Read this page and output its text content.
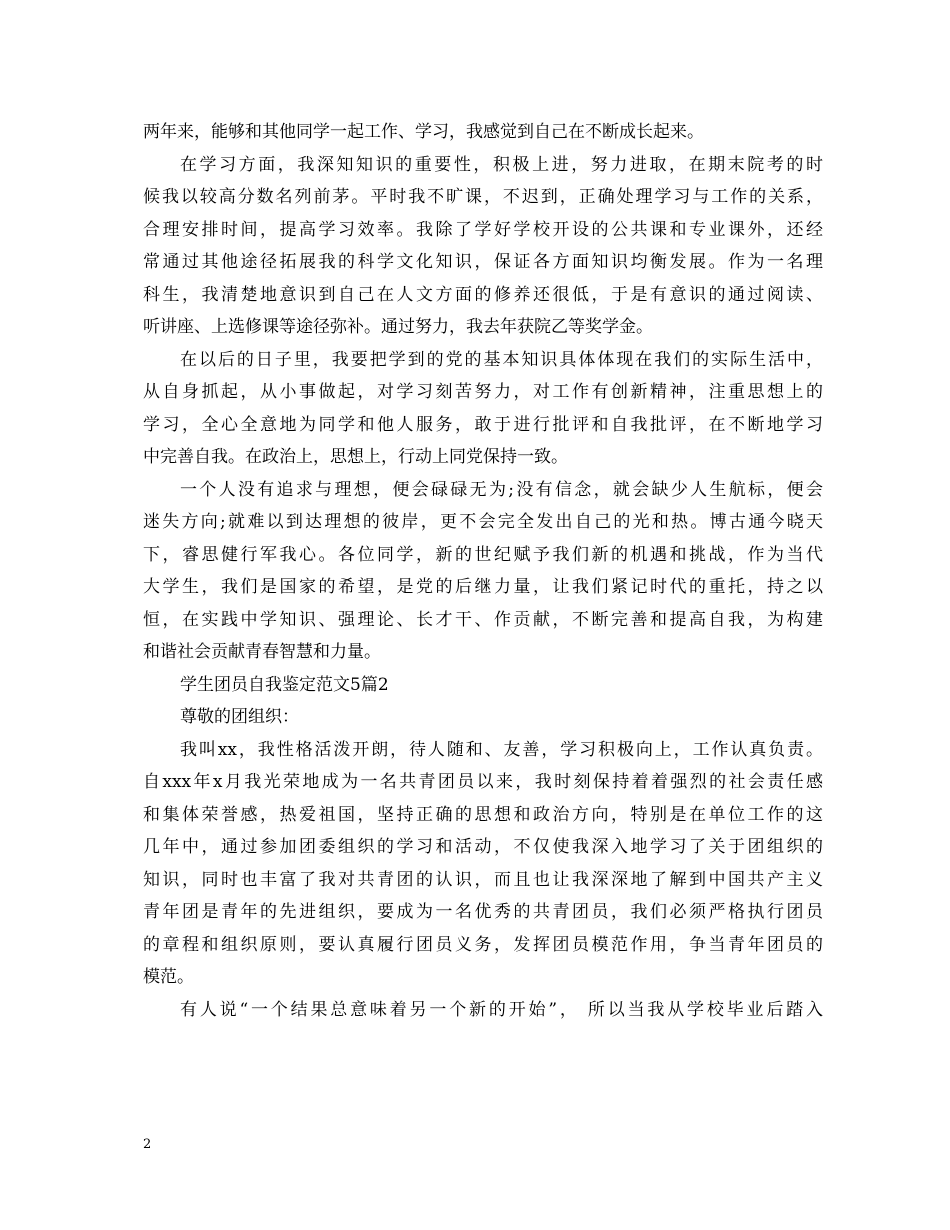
两年来，能够和其他同学一起工作、学习，我感觉到自己在不断成长起来。
在学习方面，我深知知识的重要性，积极上进，努力进取，在期末院考的时
候我以较高分数名列前茅。平时我不旷课，不迟到，正确处理学习与工作的关系，
合理安排时间，提高学习效率。我除了学好学校开设的公共课和专业课外，还经
常通过其他途径拓展我的科学文化知识，保证各方面知识均衡发展。作为一名理
科生，我清楚地意识到自己在人文方面的修养还很低，于是有意识的通过阅读、
听讲座、上选修课等途径弥补。通过努力，我去年获院乙等奖学金。
在以后的日子里，我要把学到的党的基本知识具体体现在我们的实际生活中，
从自身抓起，从小事做起，对学习刻苦努力，对工作有创新精神，注重思想上的
学习，全心全意地为同学和他人服务，敢于进行批评和自我批评，在不断地学习
中完善自我。在政治上，思想上，行动上同党保持一致。
一个人没有追求与理想，便会碌碌无为;没有信念，就会缺少人生航标，便会
迷失方向;就难以到达理想的彼岸，更不会完全发出自己的光和热。博古通今晓天
下，睿思健行军我心。各位同学，新的世纪赋予我们新的机遇和挑战，作为当代
大学生，我们是国家的希望，是党的后继力量，让我们紧记时代的重托，持之以
恒，在实践中学知识、强理论、长才干、作贡献，不断完善和提高自我，为构建
和谐社会贡献青春智慧和力量。
学生团员自我鉴定范文5篇2
尊敬的团组织：
我叫xx，我性格活泼开朗，待人随和、友善，学习积极向上，工作认真负责。
自xxx年x月我光荣地成为一名共青团员以来，我时刻保持着着强烈的社会责任感
和集体荣誉感，热爱祖国，坚持正确的思想和政治方向，特别是在单位工作的这
几年中，通过参加团委组织的学习和活动，不仅使我深入地学习了关于团组织的
知识，同时也丰富了我对共青团的认识，而且也让我深深地了解到中国共产主义
青年团是青年的先进组织，要成为一名优秀的共青团员，我们必须严格执行团员
的章程和组织原则，要认真履行团员义务，发挥团员模范作用，争当青年团员的
模范。
有人说“一个结果总意味着另一个新的开始”， 所以当我从学校毕业后踏入
2
